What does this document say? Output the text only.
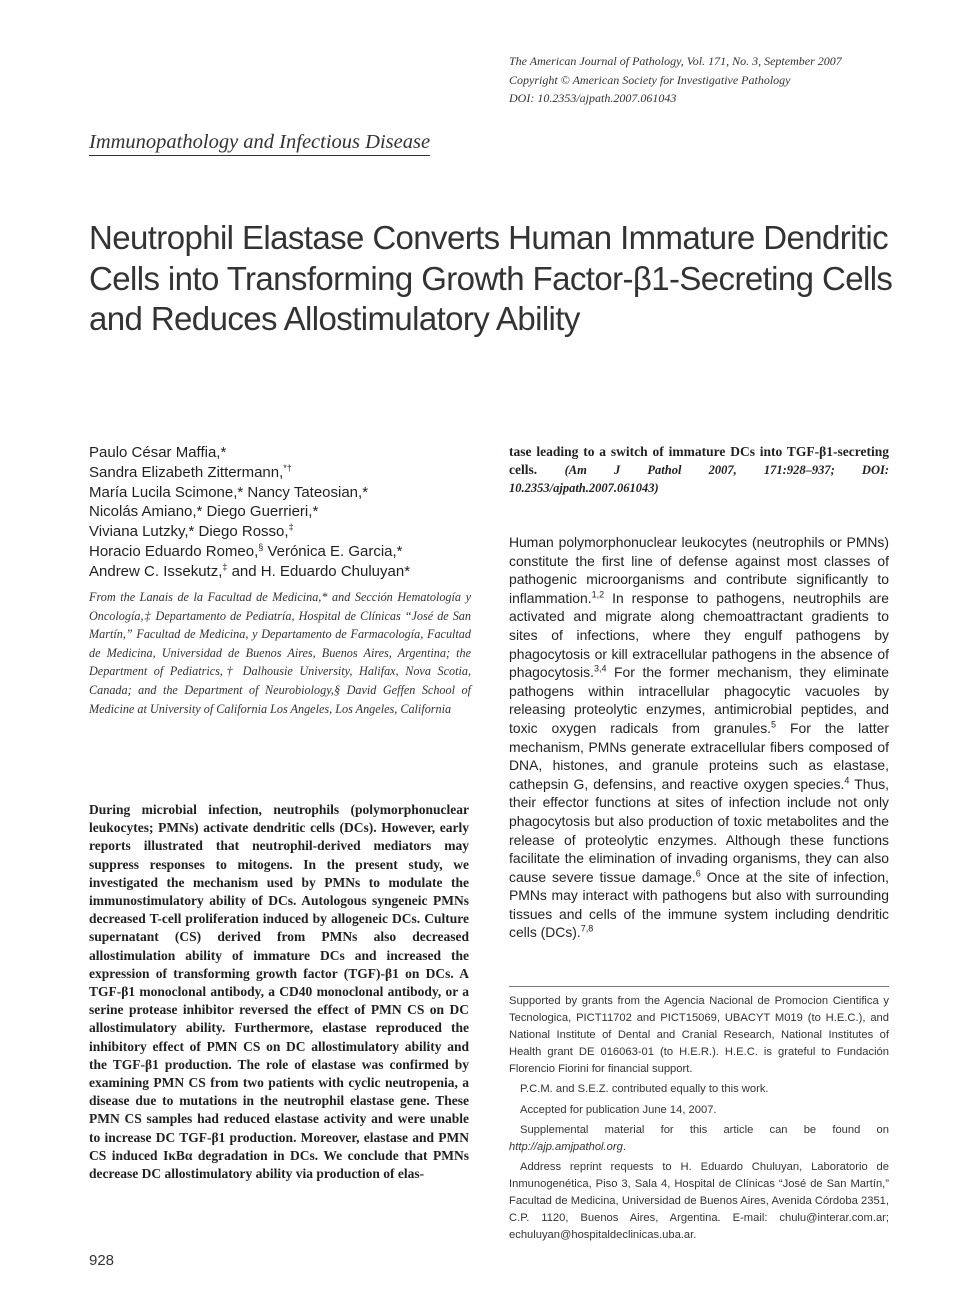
The American Journal of Pathology, Vol. 171, No. 3, September 2007
Copyright © American Society for Investigative Pathology
DOI: 10.2353/ajpath.2007.061043
Immunopathology and Infectious Disease
Neutrophil Elastase Converts Human Immature Dendritic
Cells into Transforming Growth Factor-β1-Secreting Cells
and Reduces Allostimulatory Ability
Paulo César Maffia,*
Sandra Elizabeth Zittermann,*†
María Lucila Scimone,* Nancy Tateosian,*
Nicolás Amiano,* Diego Guerrieri,*
Viviana Lutzky,* Diego Rosso,‡
Horacio Eduardo Romeo,§ Verónica E. Garcia,*
Andrew C. Issekutz,‡ and H. Eduardo Chuluyan*
From the Lanais de la Facultad de Medicina,* and Sección Hematología y Oncología,‡ Departamento de Pediatría, Hospital de Clínicas “José de San Martín,” Facultad de Medicina, y Departamento de Farmacología, Facultad de Medicina, Universidad de Buenos Aires, Buenos Aires, Argentina; the Department of Pediatrics,† Dalhousie University, Halifax, Nova Scotia, Canada; and the Department of Neurobiology,§ David Geffen School of Medicine at University of California Los Angeles, Los Angeles, California
During microbial infection, neutrophils (polymorphonuclear leukocytes; PMNs) activate dendritic cells (DCs). However, early reports illustrated that neutrophil-derived mediators may suppress responses to mitogens. In the present study, we investigated the mechanism used by PMNs to modulate the immunostimulatory ability of DCs. Autologous syngeneic PMNs decreased T-cell proliferation induced by allogeneic DCs. Culture supernatant (CS) derived from PMNs also decreased allostimulation ability of immature DCs and increased the expression of transforming growth factor (TGF)-β1 on DCs. A TGF-β1 monoclonal antibody, a CD40 monoclonal antibody, or a serine protease inhibitor reversed the effect of PMN CS on DC allostimulatory ability. Furthermore, elastase reproduced the inhibitory effect of PMN CS on DC allostimulatory ability and the TGF-β1 production. The role of elastase was confirmed by examining PMN CS from two patients with cyclic neutropenia, a disease due to mutations in the neutrophil elastase gene. These PMN CS samples had reduced elastase activity and were unable to increase DC TGF-β1 production. Moreover, elastase and PMN CS induced IκBα degradation in DCs. We conclude that PMNs decrease DC allostimulatory ability via production of elas-
tase leading to a switch of immature DCs into TGF-β1-secreting cells. (Am J Pathol 2007, 171:928–937; DOI: 10.2353/ajpath.2007.061043)
Human polymorphonuclear leukocytes (neutrophils or PMNs) constitute the first line of defense against most classes of pathogenic microorganisms and contribute significantly to inflammation.$^{1,2}$ In response to pathogens, neutrophils are activated and migrate along chemoattractant gradients to sites of infections, where they engulf pathogens by phagocytosis or kill extracellular pathogens in the absence of phagocytosis.$^{3,4}$ For the former mechanism, they eliminate pathogens within intracellular phagocytic vacuoles by releasing proteolytic enzymes, antimicrobial peptides, and toxic oxygen radicals from granules.$^5$ For the latter mechanism, PMNs generate extracellular fibers composed of DNA, histones, and granule proteins such as elastase, cathepsin G, defensins, and reactive oxygen species.$^4$ Thus, their effector functions at sites of infection include not only phagocytosis but also production of toxic metabolites and the release of proteolytic enzymes. Although these functions facilitate the elimination of invading organisms, they can also cause severe tissue damage.$^6$ Once at the site of infection, PMNs may interact with pathogens but also with surrounding tissues and cells of the immune system including dendritic cells (DCs).$^{7,8}$

Supported by grants from the Agencia Nacional de Promocion Cientifica y Tecnologica, PICT11702 and PICT15069, UBACYT M019 (to H.E.C.), and National Institute of Dental and Cranial Research, National Institutes of Health grant DE 016063-01 (to H.E.R.). H.E.C. is grateful to Fundación Florencio Fiorini for financial support.

P.C.M. and S.E.Z. contributed equally to this work.

Accepted for publication June 14, 2007.

Supplemental material for this article can be found on http://ajp.amjpathol.org.

Address reprint requests to H. Eduardo Chuluyan, Laboratorio de Inmunogenética, Piso 3, Sala 4, Hospital de Clínicas “José de San Martín,” Facultad de Medicina, Universidad de Buenos Aires, Avenida Córdoba 2351, C.P. 1120, Buenos Aires, Argentina. E-mail: chulu@interar.com.ar; echuluyan@hospitaldeclinicas.uba.ar.

928
